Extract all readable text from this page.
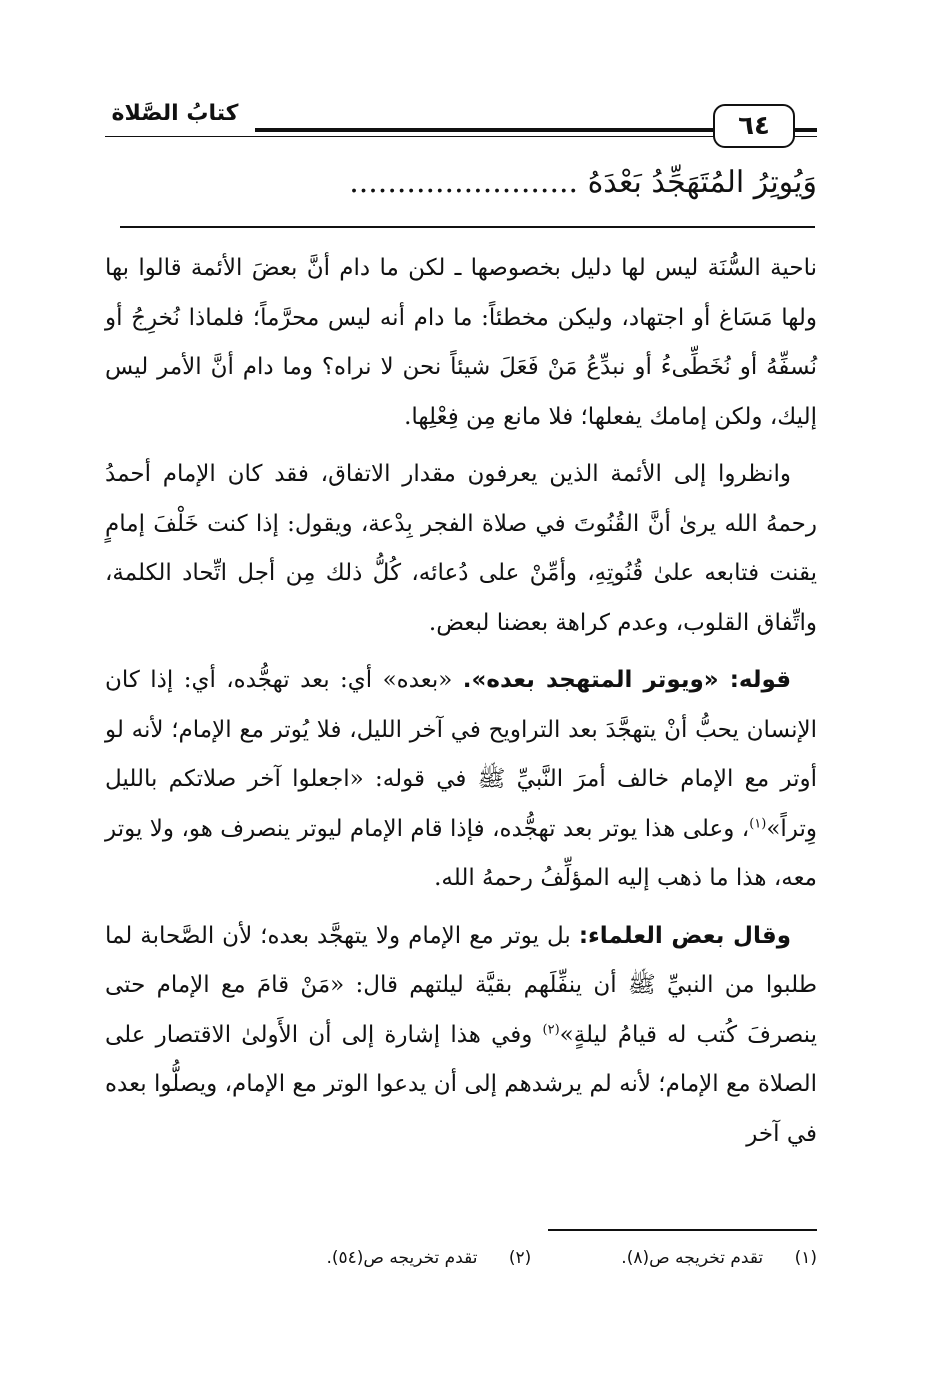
كتابُ الصَّلاة	٦٤
وَيُوتِرُ المُتَهَجِّدُ بَعْدَهُ ........................

ناحية السُّنَة ليس لها دليل بخصوصها ـ لكن ما دام أنَّ بعضَ الأئمة قالوا بها ولها مَسَاغ أو اجتهاد، وليكن مخطئاً: ما دام أنه ليس محرَّماً؛ فلماذا نُخرِجُ أو نُسفِّهُ أو نُخَطِّىءُ أو نبدِّعُ مَنْ فَعَلَ شيئاً نحن لا نراه؟ وما دام أنَّ الأمر ليس إليك، ولكن إمامك يفعلها؛ فلا مانع مِن فِعْلِها.

وانظروا إلى الأئمة الذين يعرفون مقدار الاتفاق، فقد كان الإمام أحمدُ رحمهُ الله يرىٰ أنَّ القُنُوتَ في صلاة الفجر بِدْعة، ويقول: إذا كنت خَلْفَ إمامٍ يقنت فتابعه علىٰ قُنُوتِهِ، وأمِّنْ على دُعائه، كُلُّ ذلك مِن أجل اتِّحاد الكلمة، واتِّفاق القلوب، وعدم كراهة بعضنا لبعض.

قوله: «ويوتر المتهجد بعده». «بعده» أي: بعد تهجُّده، أي: إذا كان الإنسان يحبُّ أنْ يتهجَّدَ بعد التراويح في آخر الليل، فلا يُوتر مع الإمام؛ لأنه لو أوتر مع الإمام خالف أمرَ النَّبيِّ ﷺ في قوله: «اجعلوا آخر صلاتكم بالليل وِتراً»$^{(١)}$، وعلى هذا يوتر بعد تهجُّده، فإذا قام الإمام ليوتر ينصرف هو، ولا يوتر معه، هذا ما ذهب إليه المؤلِّفُ رحمهُ الله.

وقال بعض العلماء: بل يوتر مع الإمام ولا يتهجَّد بعده؛ لأن الصَّحابة لما طلبوا من النبيِّ ﷺ أن ينفِّلَهم بقيَّة ليلتهم قال: «مَنْ قامَ مع الإمام حتى ينصرفَ كُتب له قيامُ ليلةٍ»$^{(٢)}$ وفي هذا إشارة إلى أن الأَولىٰ الاقتصار على الصلاة مع الإمام؛ لأنه لم يرشدهم إلى أن يدعوا الوتر مع الإمام، ويصلُّوا بعده في آخر

(١) تقدم تخريجه ص(٨).
(٢) تقدم تخريجه ص(٥٤).
